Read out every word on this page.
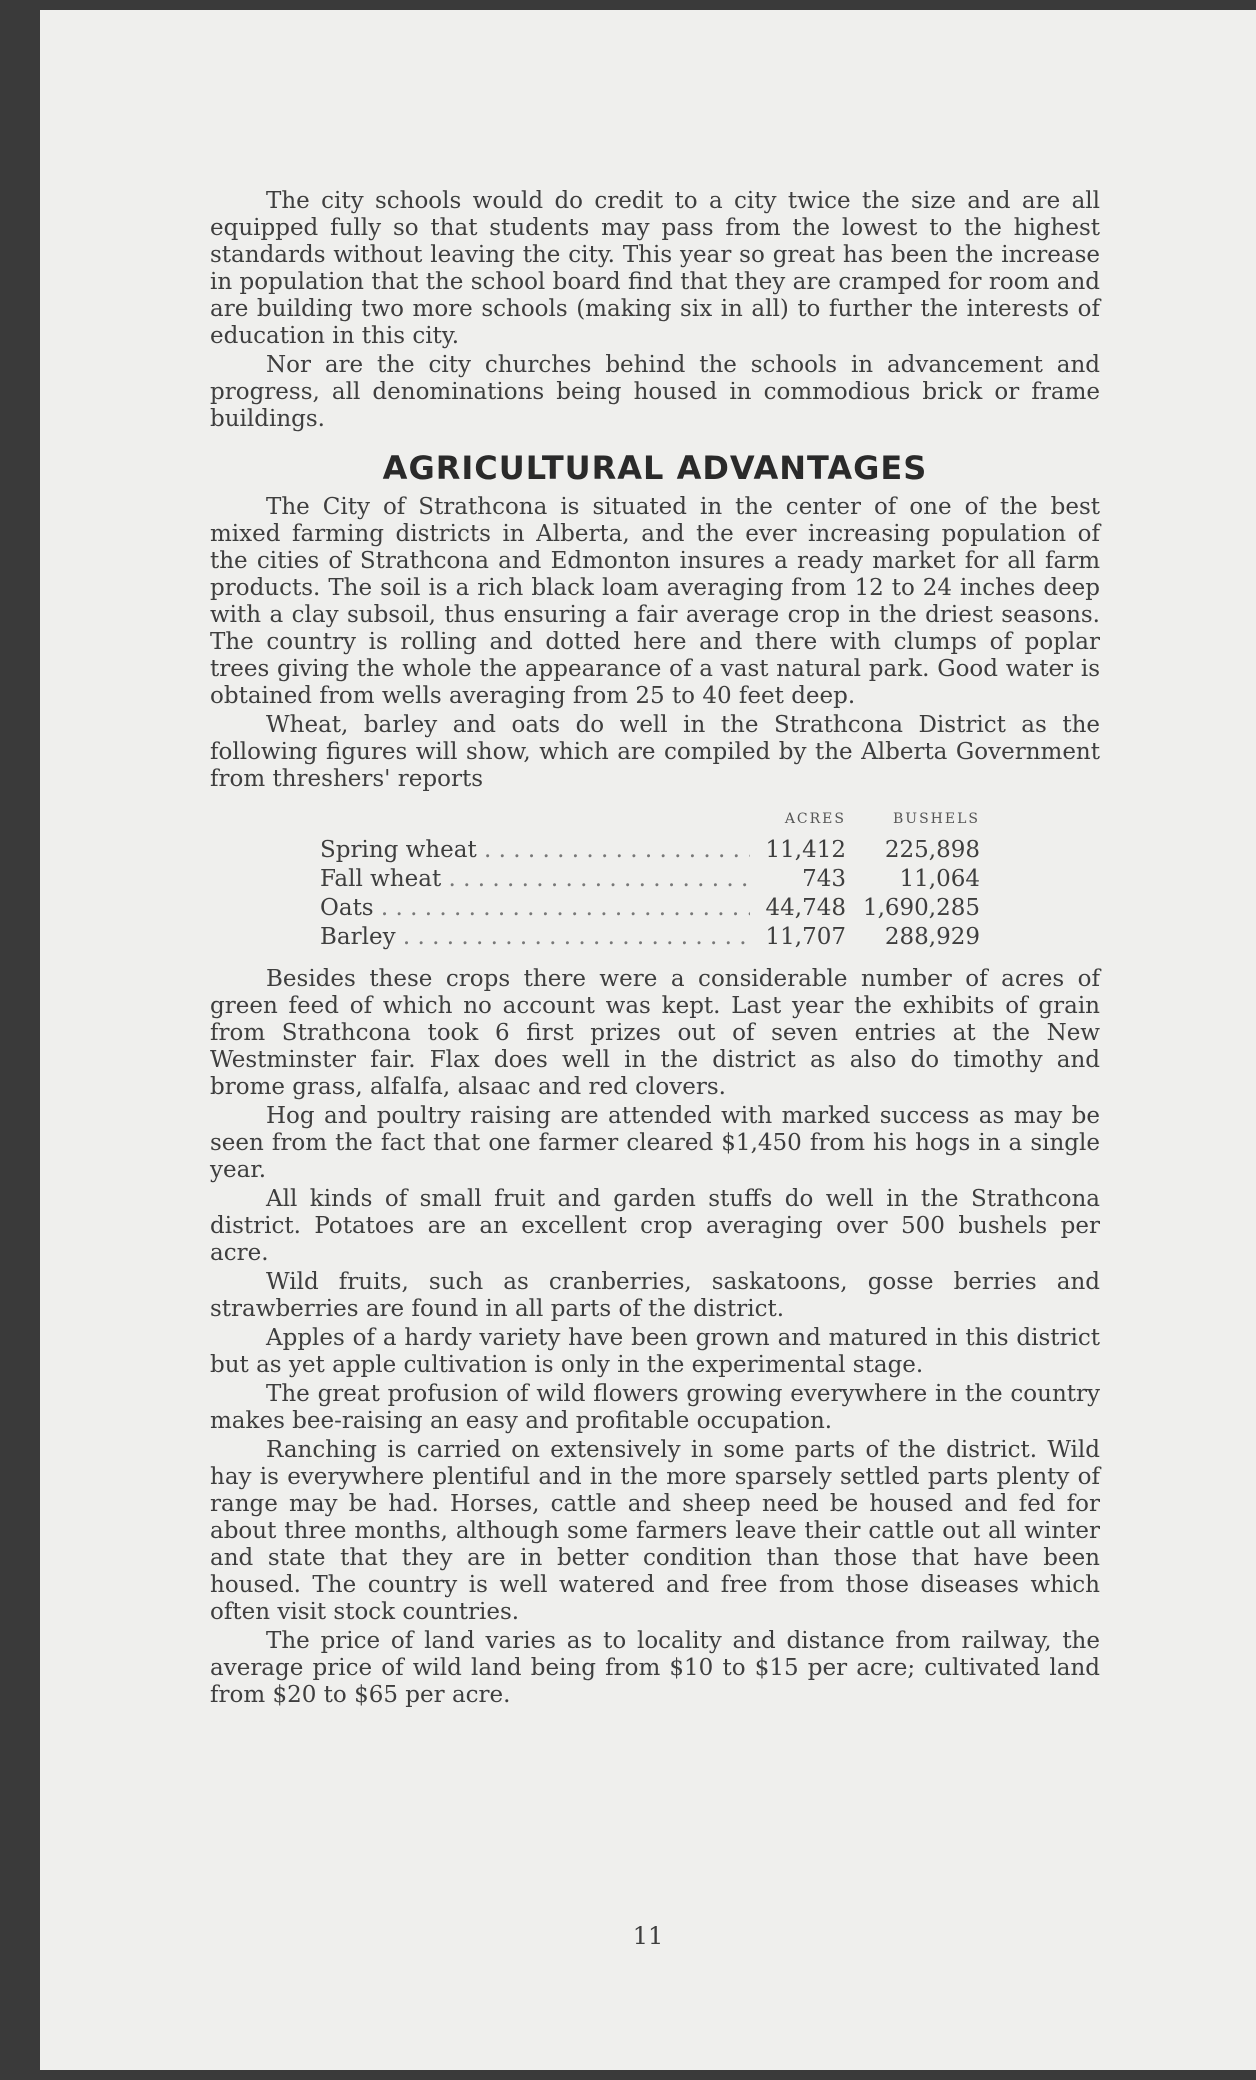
11

The city schools would do credit to a city twice the size and are all equipped fully so that students may pass from the lowest to the highest standards without leaving the city. This year so great has been the increase in population that the school board find that they are cramped for room and are building two more schools (making six in all) to further the interests of education in this city.

Nor are the city churches behind the schools in advancement and progress, all denominations being housed in commodious brick or frame buildings.

AGRICULTURAL ADVANTAGES

The City of Strathcona is situated in the center of one of the best mixed farming districts in Alberta, and the ever increasing population of the cities of Strathcona and Edmonton insures a ready market for all farm products. The soil is a rich black loam averaging from 12 to 24 inches deep with a clay subsoil, thus ensuring a fair average crop in the driest seasons. The country is rolling and dotted here and there with clumps of poplar trees giving the whole the appearance of a vast natural park. Good water is obtained from wells averaging from 25 to 40 feet deep.

Wheat, barley and oats do well in the Strathcona District as the following figures will show, which are compiled by the Alberta Government from threshers' reports

ACRES	BUSHELS
Spring wheat . . .	11,412	225,898
Fall wheat . . .	743	11,064
Oats . . .	44,748 1,690,285
Barley . . .	11,707	288,929

Besides these crops there were a considerable number of acres of green feed of which no account was kept. Last year the exhibits of grain from Strathcona took 6 first prizes out of seven entries at the New Westminster fair. Flax does well in the district as also do timothy and brome grass, alfalfa, alsaac and red clovers.

Hog and poultry raising are attended with marked success as may be seen from the fact that one farmer cleared $1,450 from his hogs in a single year.

All kinds of small fruit and garden stuffs do well in the Strathcona district. Potatoes are an excellent crop averaging over 500 bushels per acre.

Wild fruits, such as cranberries, saskatoons, gosse berries and strawberries are found in all parts of the district.

Apples of a hardy variety have been grown and matured in this district but as yet apple cultivation is only in the experimental stage.

The great profusion of wild flowers growing everywhere in the country makes bee-raising an easy and profitable occupation.

Ranching is carried on extensively in some parts of the district. Wild hay is everywhere plentiful and in the more sparsely settled parts plenty of range may be had. Horses, cattle and sheep need be housed and fed for about three months, although some farmers leave their cattle out all winter and state that they are in better condition than those that have been housed. The country is well watered and free from those diseases which often visit stock countries.

The price of land varies as to locality and distance from railway, the average price of wild land being from $10 to $15 per acre; cultivated land from $20 to $65 per acre.
